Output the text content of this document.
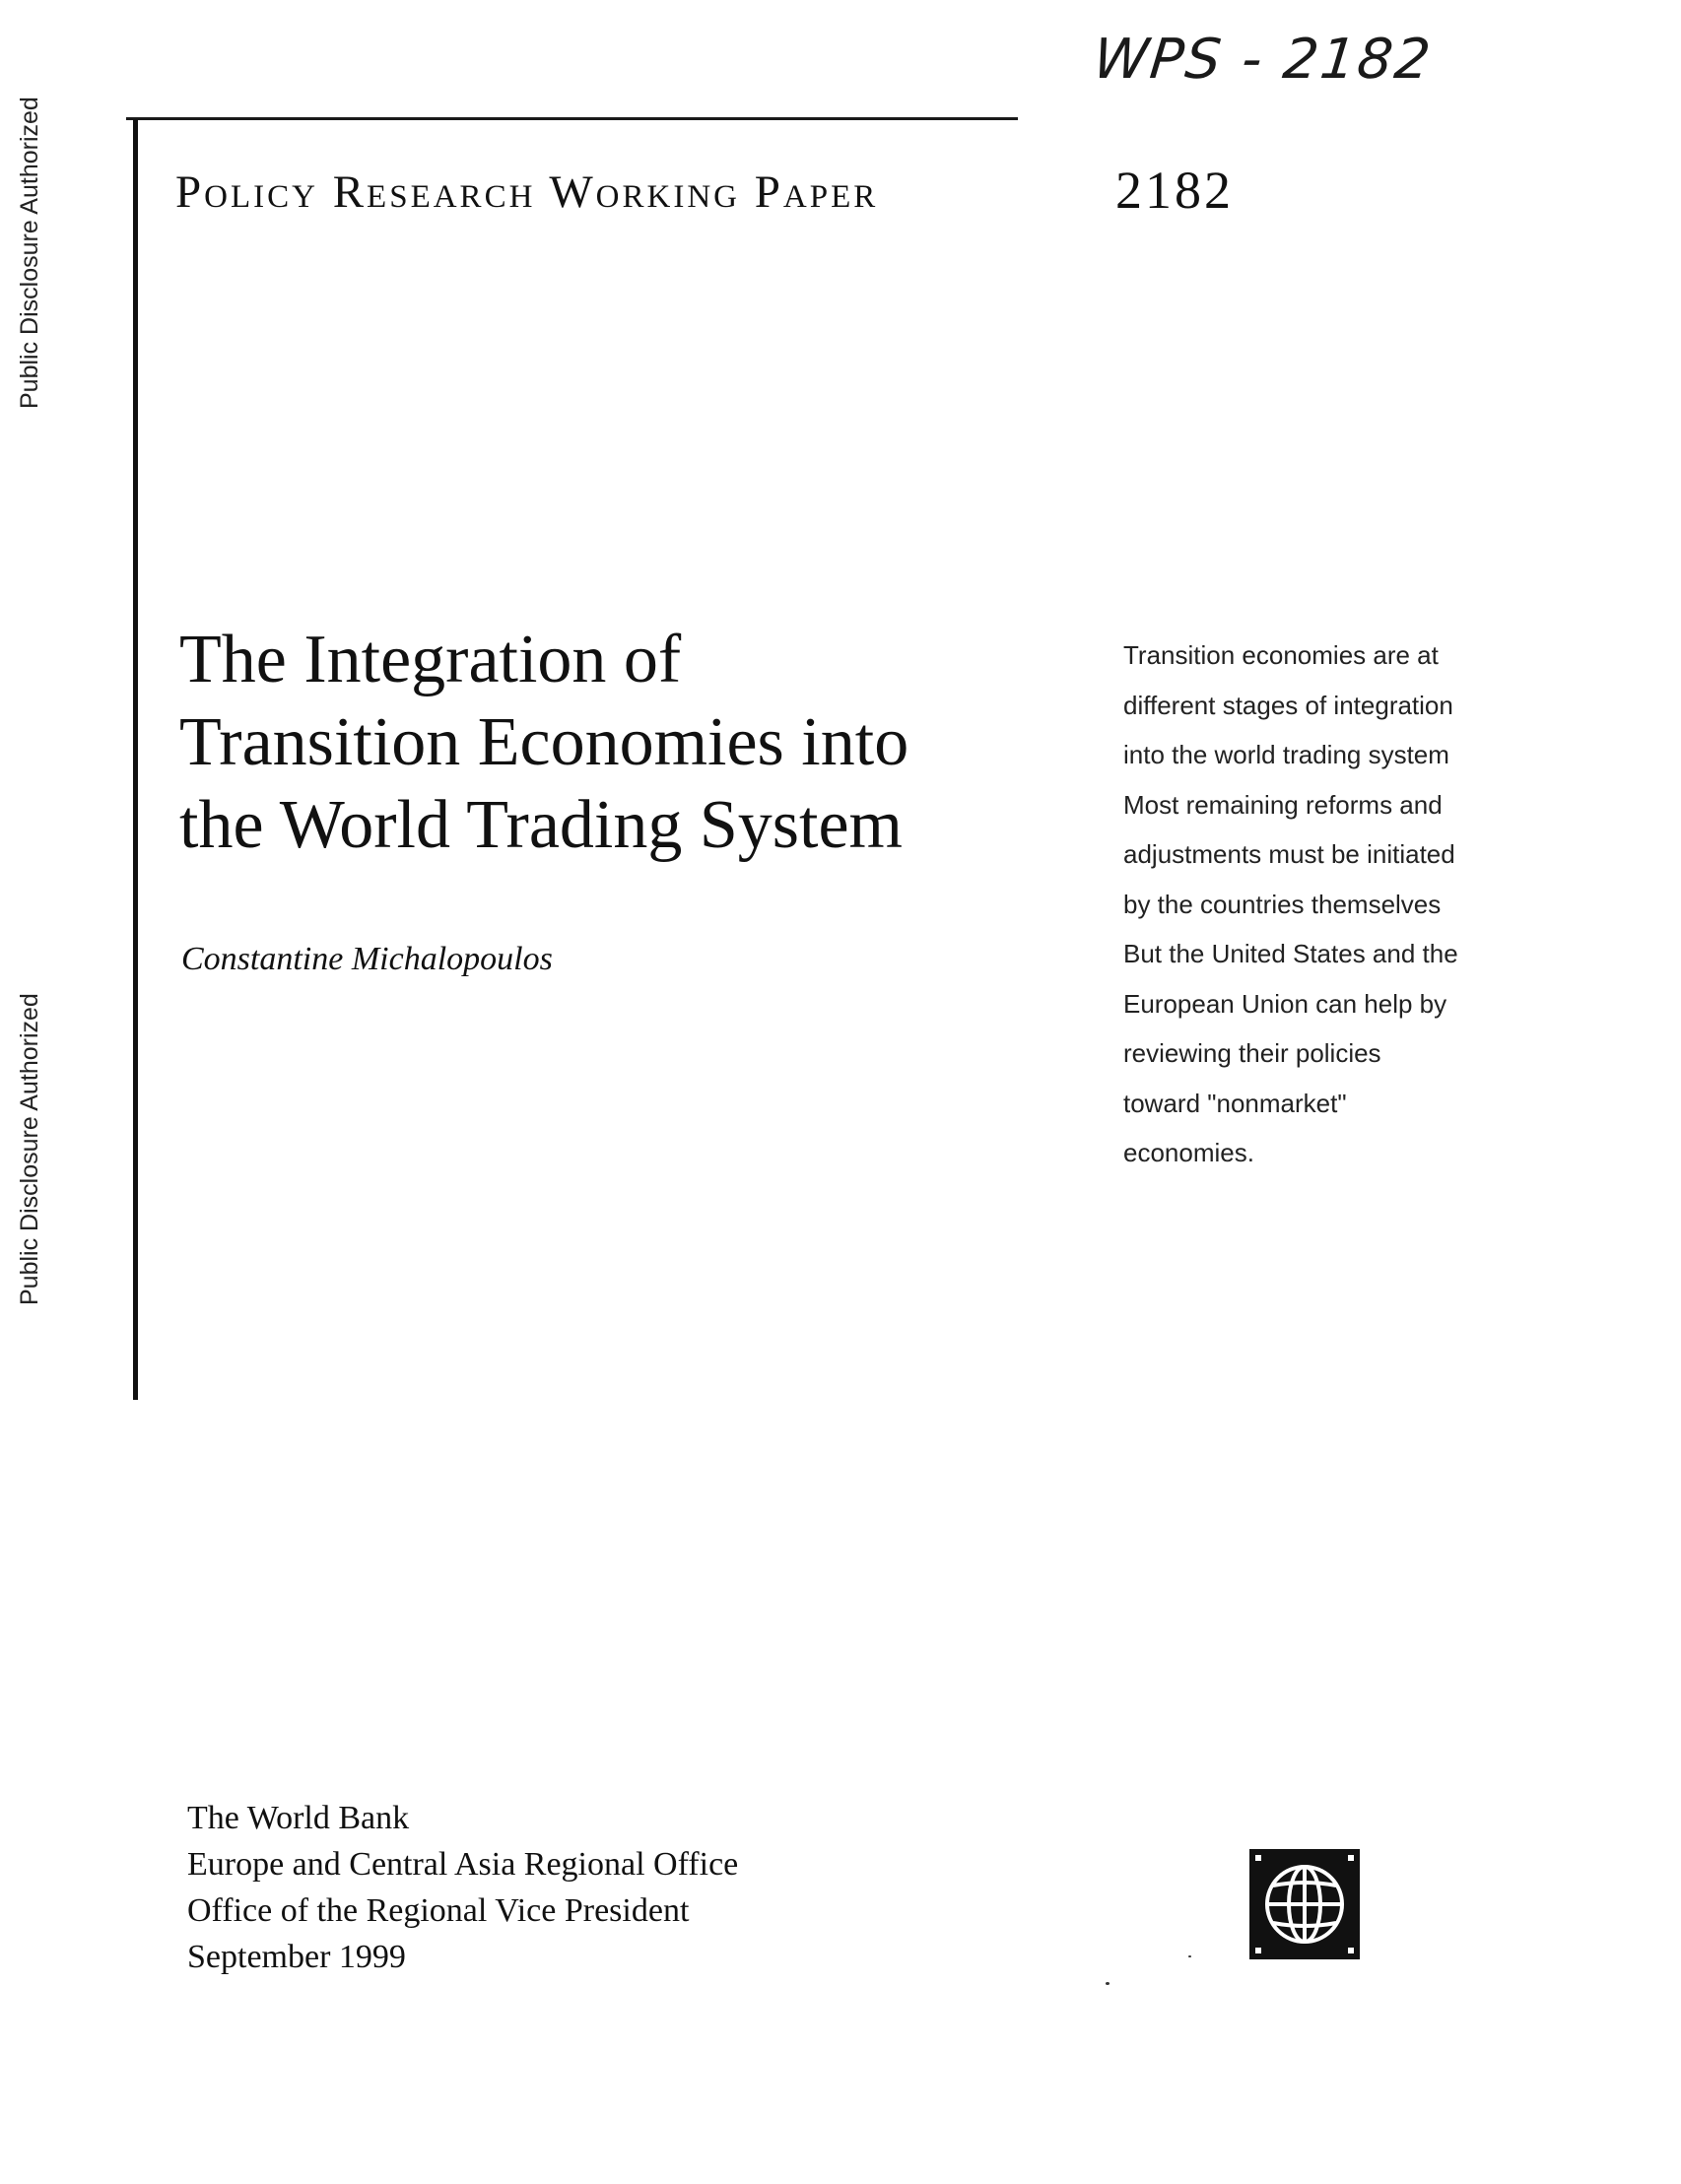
Public Disclosure Authorized
Public Disclosure Authorized
WPS - 2182
Policy Research Working Paper	2182
The Integration of
Transition Economies into
the World Trading System
Constantine Michalopoulos
Transition economies are at
different stages of integration
into the world trading system
Most remaining reforms and
adjustments must be initiated
by the countries themselves
But the United States and the
European Union can help by
reviewing their policies
toward "nonmarket"
economies.
The World Bank
Europe and Central Asia Regional Office
Office of the Regional Vice President
September 1999
